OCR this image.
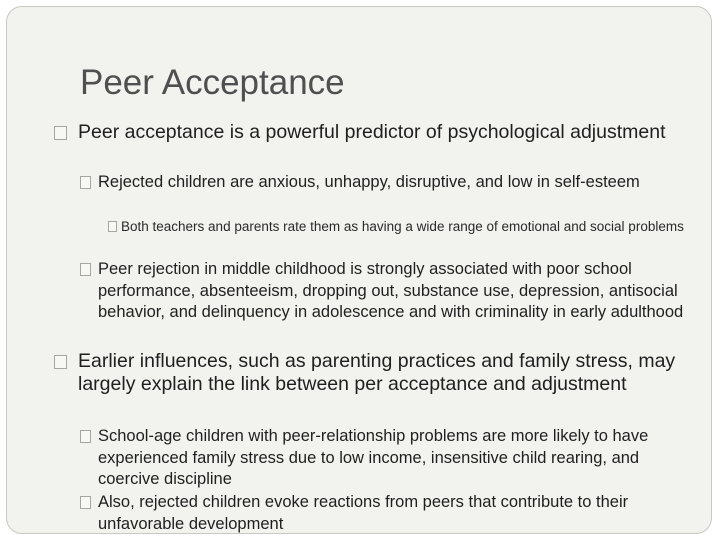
Peer Acceptance
Peer acceptance is a powerful predictor of psychological adjustment
Rejected children are anxious, unhappy, disruptive, and low in self-esteem
Both teachers and parents rate them as having a wide range of emotional and social problems
Peer rejection in middle childhood is strongly associated with poor school performance, absenteeism, dropping out, substance use, depression, antisocial behavior, and delinquency in adolescence and with criminality in early adulthood
Earlier influences, such as parenting practices and family stress, may largely explain the link between per acceptance and adjustment
School-age children with peer-relationship problems are more likely to have experienced family stress due to low income, insensitive child rearing, and coercive discipline
Also, rejected children evoke reactions from peers that contribute to their unfavorable development
